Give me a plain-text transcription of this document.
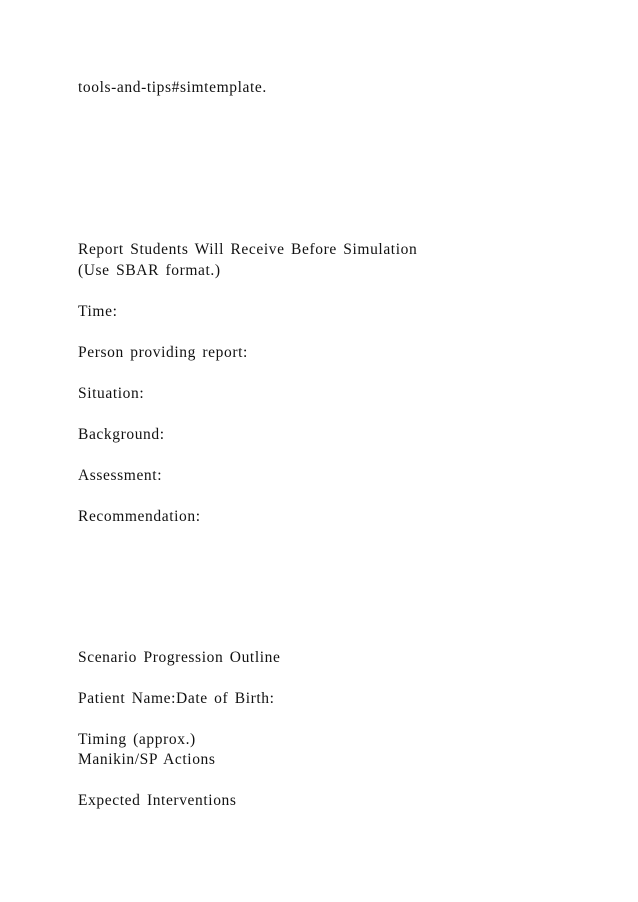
tools-and-tips#simtemplate.
Report Students Will Receive Before Simulation
(Use SBAR format.)
Time:
Person providing report:
Situation:
Background:
Assessment:
Recommendation:
Scenario Progression Outline
Patient Name:Date of Birth:
Timing (approx.)
Manikin/SP Actions
Expected Interventions
